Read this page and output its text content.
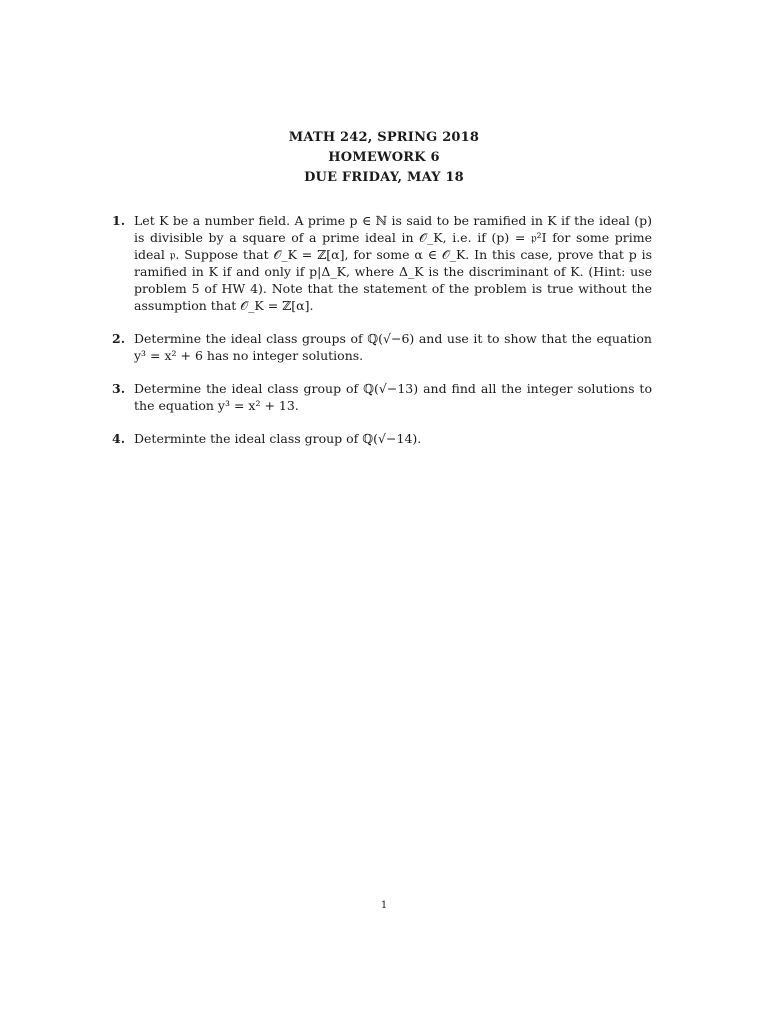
MATH 242, SPRING 2018
HOMEWORK 6
DUE FRIDAY, MAY 18
1. Let K be a number field. A prime p ∈ ℕ is said to be ramified in K if the ideal (p) is divisible by a square of a prime ideal in 𝒪_K, i.e. if (p) = 𝔭²I for some prime ideal 𝔭. Suppose that 𝒪_K = ℤ[α], for some α ∈ 𝒪_K. In this case, prove that p is ramified in K if and only if p|Δ_K, where Δ_K is the discriminant of K. (Hint: use problem 5 of HW 4). Note that the statement of the problem is true without the assumption that 𝒪_K = ℤ[α].
2. Determine the ideal class groups of ℚ(√−6) and use it to show that the equation y³ = x² + 6 has no integer solutions.
3. Determine the ideal class group of ℚ(√−13) and find all the integer solutions to the equation y³ = x² + 13.
4. Determinte the ideal class group of ℚ(√−14).
1
